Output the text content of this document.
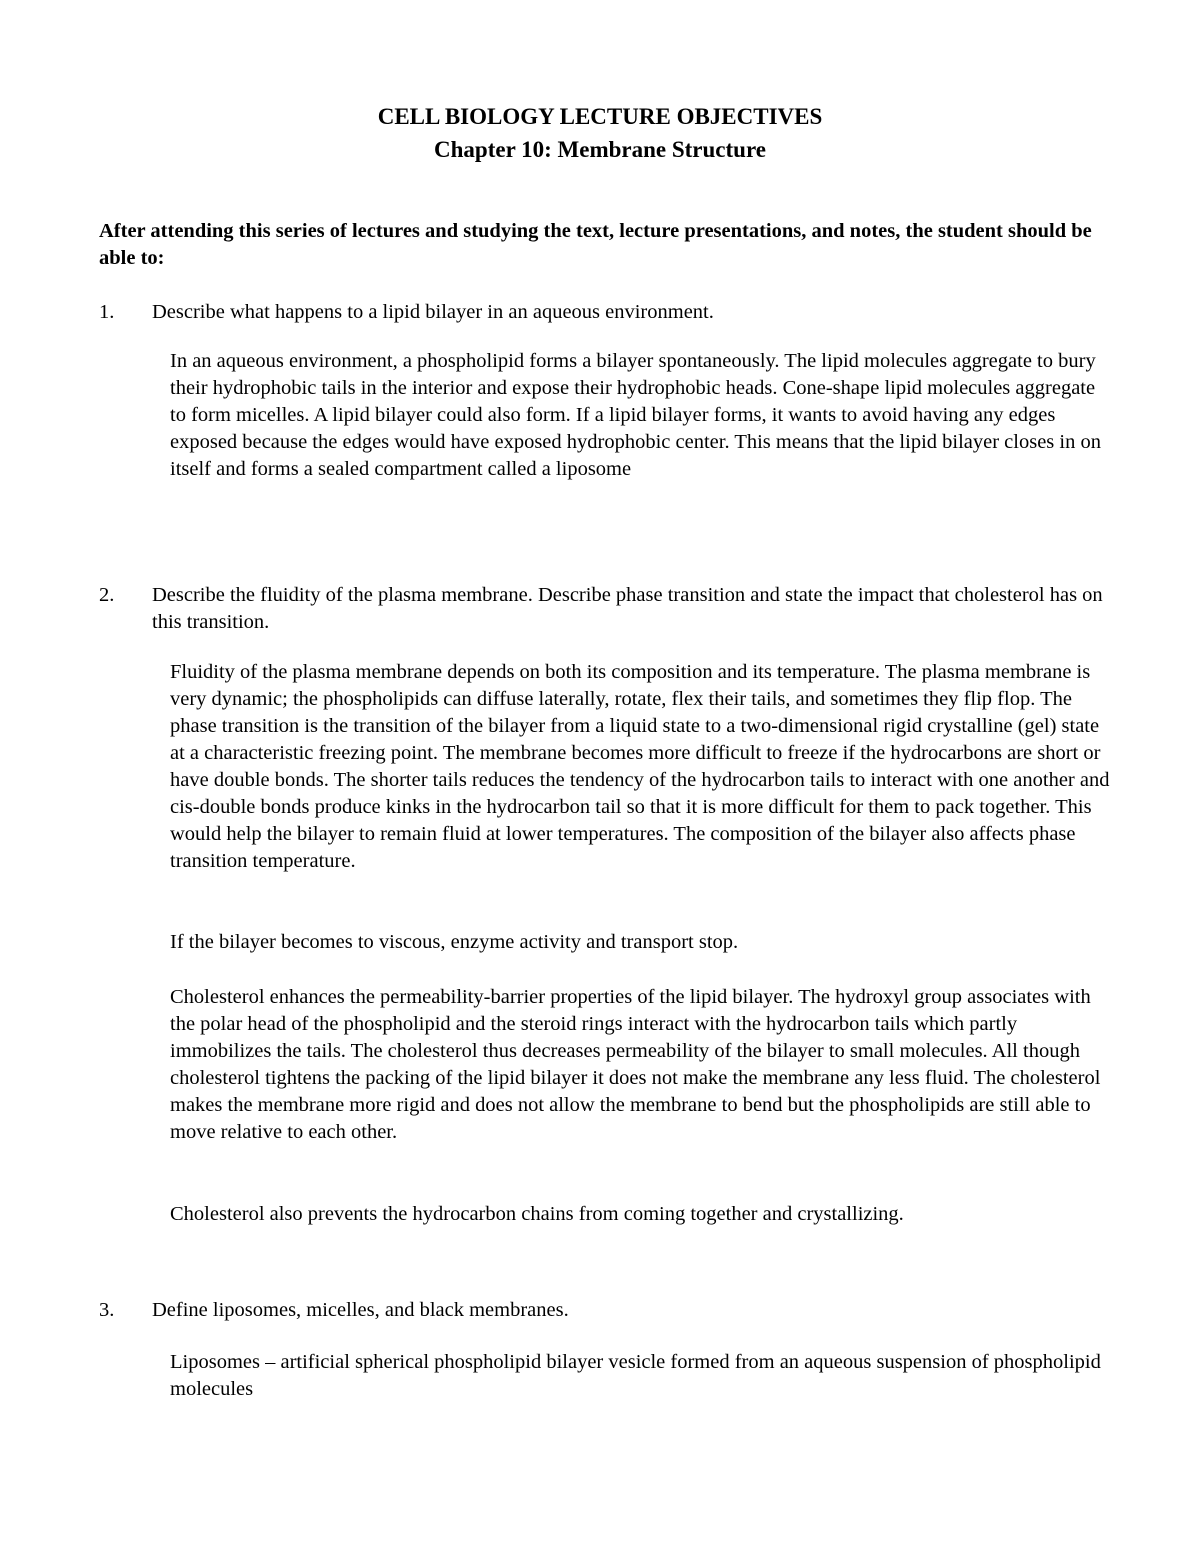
CELL BIOLOGY LECTURE OBJECTIVES
Chapter 10: Membrane Structure
After attending this series of lectures and studying the text, lecture presentations, and notes, the student should be able to:
1. Describe what happens to a lipid bilayer in an aqueous environment.
In an aqueous environment, a phospholipid forms a bilayer spontaneously. The lipid molecules aggregate to bury their hydrophobic tails in the interior and expose their hydrophobic heads. Cone-shape lipid molecules aggregate to form micelles. A lipid bilayer could also form. If a lipid bilayer forms, it wants to avoid having any edges exposed because the edges would have exposed hydrophobic center. This means that the lipid bilayer closes in on itself and forms a sealed compartment called a liposome
2. Describe the fluidity of the plasma membrane. Describe phase transition and state the impact that cholesterol has on this transition.
Fluidity of the plasma membrane depends on both its composition and its temperature. The plasma membrane is very dynamic; the phospholipids can diffuse laterally, rotate, flex their tails, and sometimes they flip flop. The phase transition is the transition of the bilayer from a liquid state to a two-dimensional rigid crystalline (gel) state at a characteristic freezing point. The membrane becomes more difficult to freeze if the hydrocarbons are short or have double bonds. The shorter tails reduces the tendency of the hydrocarbon tails to interact with one another and cis-double bonds produce kinks in the hydrocarbon tail so that it is more difficult for them to pack together. This would help the bilayer to remain fluid at lower temperatures. The composition of the bilayer also affects phase transition temperature.
If the bilayer becomes to viscous, enzyme activity and transport stop.
Cholesterol enhances the permeability-barrier properties of the lipid bilayer. The hydroxyl group associates with the polar head of the phospholipid and the steroid rings interact with the hydrocarbon tails which partly immobilizes the tails. The cholesterol thus decreases permeability of the bilayer to small molecules. All though cholesterol tightens the packing of the lipid bilayer it does not make the membrane any less fluid. The cholesterol makes the membrane more rigid and does not allow the membrane to bend but the phospholipids are still able to move relative to each other.
Cholesterol also prevents the hydrocarbon chains from coming together and crystallizing.
3. Define liposomes, micelles, and black membranes.
Liposomes – artificial spherical phospholipid bilayer vesicle formed from an aqueous suspension of phospholipid molecules
